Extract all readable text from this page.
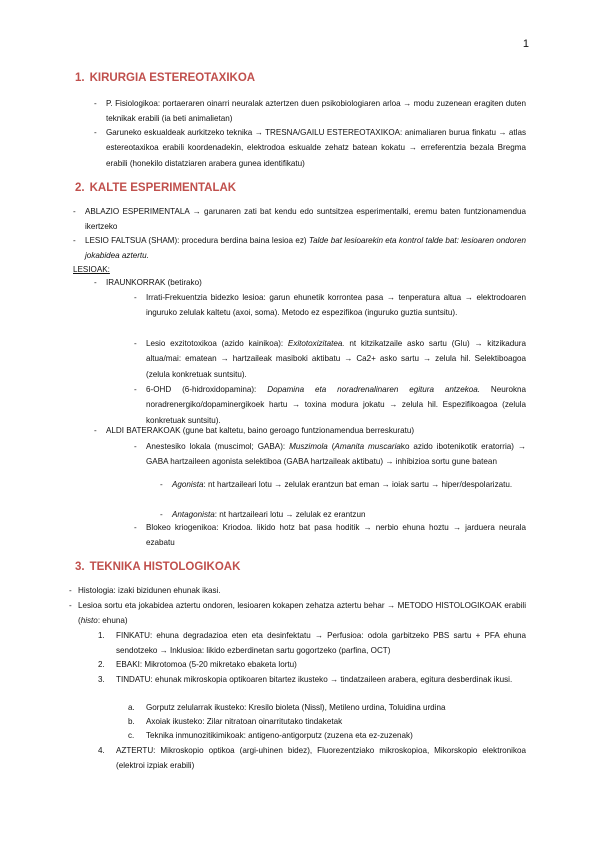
1
1. KIRURGIA ESTEREOTAXIKOA
- P. Fisiologikoa: portaeraren oinarri neuralak aztertzen duen psikobiologiaren arloa → modu zuzenean eragiten duten teknikak erabili (ia beti animalietan)
- Garuneko eskualdeak aurkitzeko teknika → TRESNA/GAILU ESTEREOTAXIKOA: animaliaren burua finkatu → atlas estereotaxikoa erabili koordenadekin, elektrodoa eskualde zehatz batean kokatu → erreferentzia bezala Bregma erabili (honekilo distatziaren arabera gunea identifikatu)
2. KALTE ESPERIMENTALAK
- ABLAZIO ESPERIMENTALA → garunaren zati bat kendu edo suntsitzea esperimentalki, eremu baten funtzionamendua ikertzeko
- LESIO FALTSUA (SHAM): procedura berdina baina lesioa ez) Talde bat lesioarekin eta kontrol talde bat: lesioaren ondoren jokabidea aztertu.
LESIOAK:
- IRAUNKORRAK (betirako)
- Irrati-Frekuentzia bidezko lesioa: garun ehunetik korrontea pasa → tenperatura altua → elektrodoaren inguruko zelulak kaltetu (axoi, soma). Metodo ez espezifikoa (inguruko guztia suntsitu).
- Lesio exzitotoxikoa (azido kainikoa): Exitotoxizitatea. nt kitzikatzaile asko sartu (Glu) → kitzikadura altua/mai: ematean → hartzaileak masiboki aktibatu → Ca2+ asko sartu → zelula hil. Selektiboagoa (zelula konkretuak suntsitu).
- 6-OHD (6-hidroxidopamina): Dopamina eta noradrenalinaren egitura antzekoa. Neurokna noradrenergiko/dopaminergikoek hartu → toxina modura jokatu → zelula hil. Espezifikoagoa (zelula konkretuak suntsitu).
- ALDI BATERAKOAK (gune bat kaltetu, baino geroago funtzionamendua berreskuratu)
- Anestesiko lokala (muscimol; GABA): Muszimola (Amanita muscariako azido ibotenikotik eratorria) → GABA hartzaileen agonista selektiboa (GABA hartzaileak aktibatu) → inhibizioa sortu gune batean
- Agonista: nt hartzaileari lotu → zelulak erantzun bat eman → ioiak sartu → hiper/despolarizatu.
- Antagonista: nt hartzaileari lotu → zelulak ez erantzun
- Blokeo kriogenikoa: Kriodoa. likido hotz bat pasa hoditik → nerbio ehuna hoztu → jarduera neurala ezabatu
3. TEKNIKA HISTOLOGIKOAK
- Histologia: izaki bizidunen ehunak ikasi.
- Lesioa sortu eta jokabidea aztertu ondoren, lesioaren kokapen zehatza aztertu behar → METODO HISTOLOGIKOAK erabili (histo: ehuna)
1. FINKATU: ehuna degradazioa eten eta desinfektatu → Perfusioa: odola garbitzeko PBS sartu + PFA ehuna sendotzeko → Inklusioa: likido ezberdinetan sartu gogortzeko (parfina, OCT)
2. EBAKI: Mikrotomoa (5-20 mikretako ebaketa lortu)
3. TINDATU: ehunak mikroskopia optikoaren bitartez ikusteko → tindatzaileen arabera, egitura desberdinak ikusi.
a. Gorputz zelularrak ikusteko: Kresilo bioleta (Nissl), Metileno urdina, Toluidina urdina
b. Axoiak ikusteko: Zilar nitratoan oinarritutako tindaketak
c. Teknika inmunozitikimikoak: antigeno-antigorputz (zuzena eta ez-zuzenak)
4. AZTERTU: Mikroskopio optikoa (argi-uhinen bidez), Fluorezentziako mikroskopioa, Mikorskopio elektronikoa (elektroi izpiak erabili)
